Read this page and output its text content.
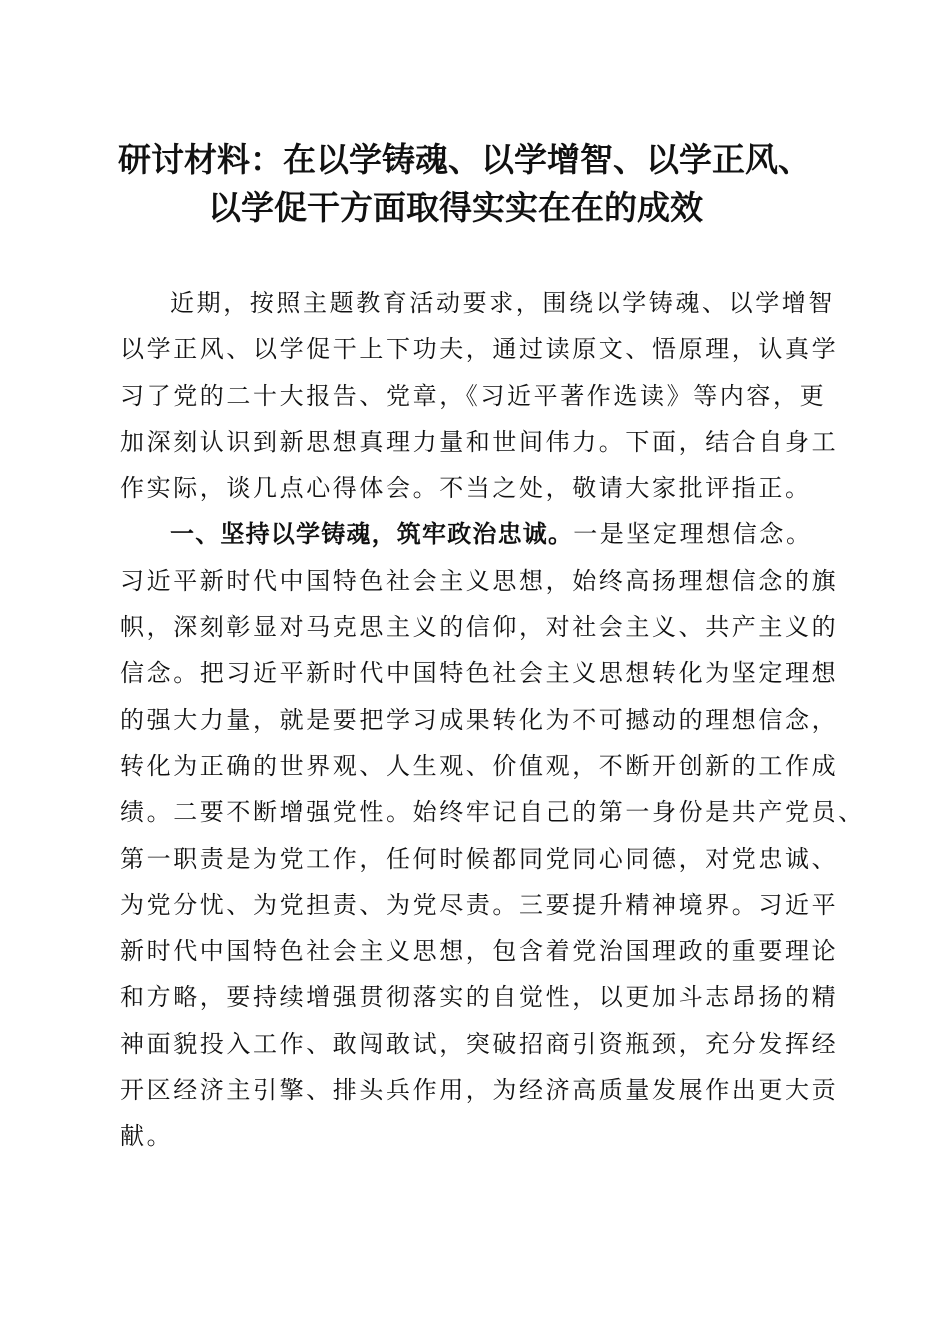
研讨材料：在以学铸魂、以学增智、以学正风、
以学促干方面取得实实在在的成效
近期，按照主题教育活动要求，围绕以学铸魂、以学增智
以学正风、以学促干上下功夫，通过读原文、悟原理，认真学
习了党的二十大报告、党章，《习近平著作选读》等内容，更
加深刻认识到新思想真理力量和世间伟力。下面，结合自身工
作实际，谈几点心得体会。不当之处，敬请大家批评指正。
一、坚持以学铸魂，筑牢政治忠诚。一是坚定理想信念。
习近平新时代中国特色社会主义思想，始终高扬理想信念的旗
帜，深刻彰显对马克思主义的信仰，对社会主义、共产主义的
信念。把习近平新时代中国特色社会主义思想转化为坚定理想
的强大力量，就是要把学习成果转化为不可撼动的理想信念，
转化为正确的世界观、人生观、价值观，不断开创新的工作成
绩。二要不断增强党性。始终牢记自己的第一身份是共产党员、
第一职责是为党工作，任何时候都同党同心同德，对党忠诚、
为党分忧、为党担责、为党尽责。三要提升精神境界。习近平
新时代中国特色社会主义思想，包含着党治国理政的重要理论
和方略，要持续增强贯彻落实的自觉性，以更加斗志昂扬的精
神面貌投入工作、敢闯敢试，突破招商引资瓶颈，充分发挥经
开区经济主引擎、排头兵作用，为经济高质量发展作出更大贡
献。
